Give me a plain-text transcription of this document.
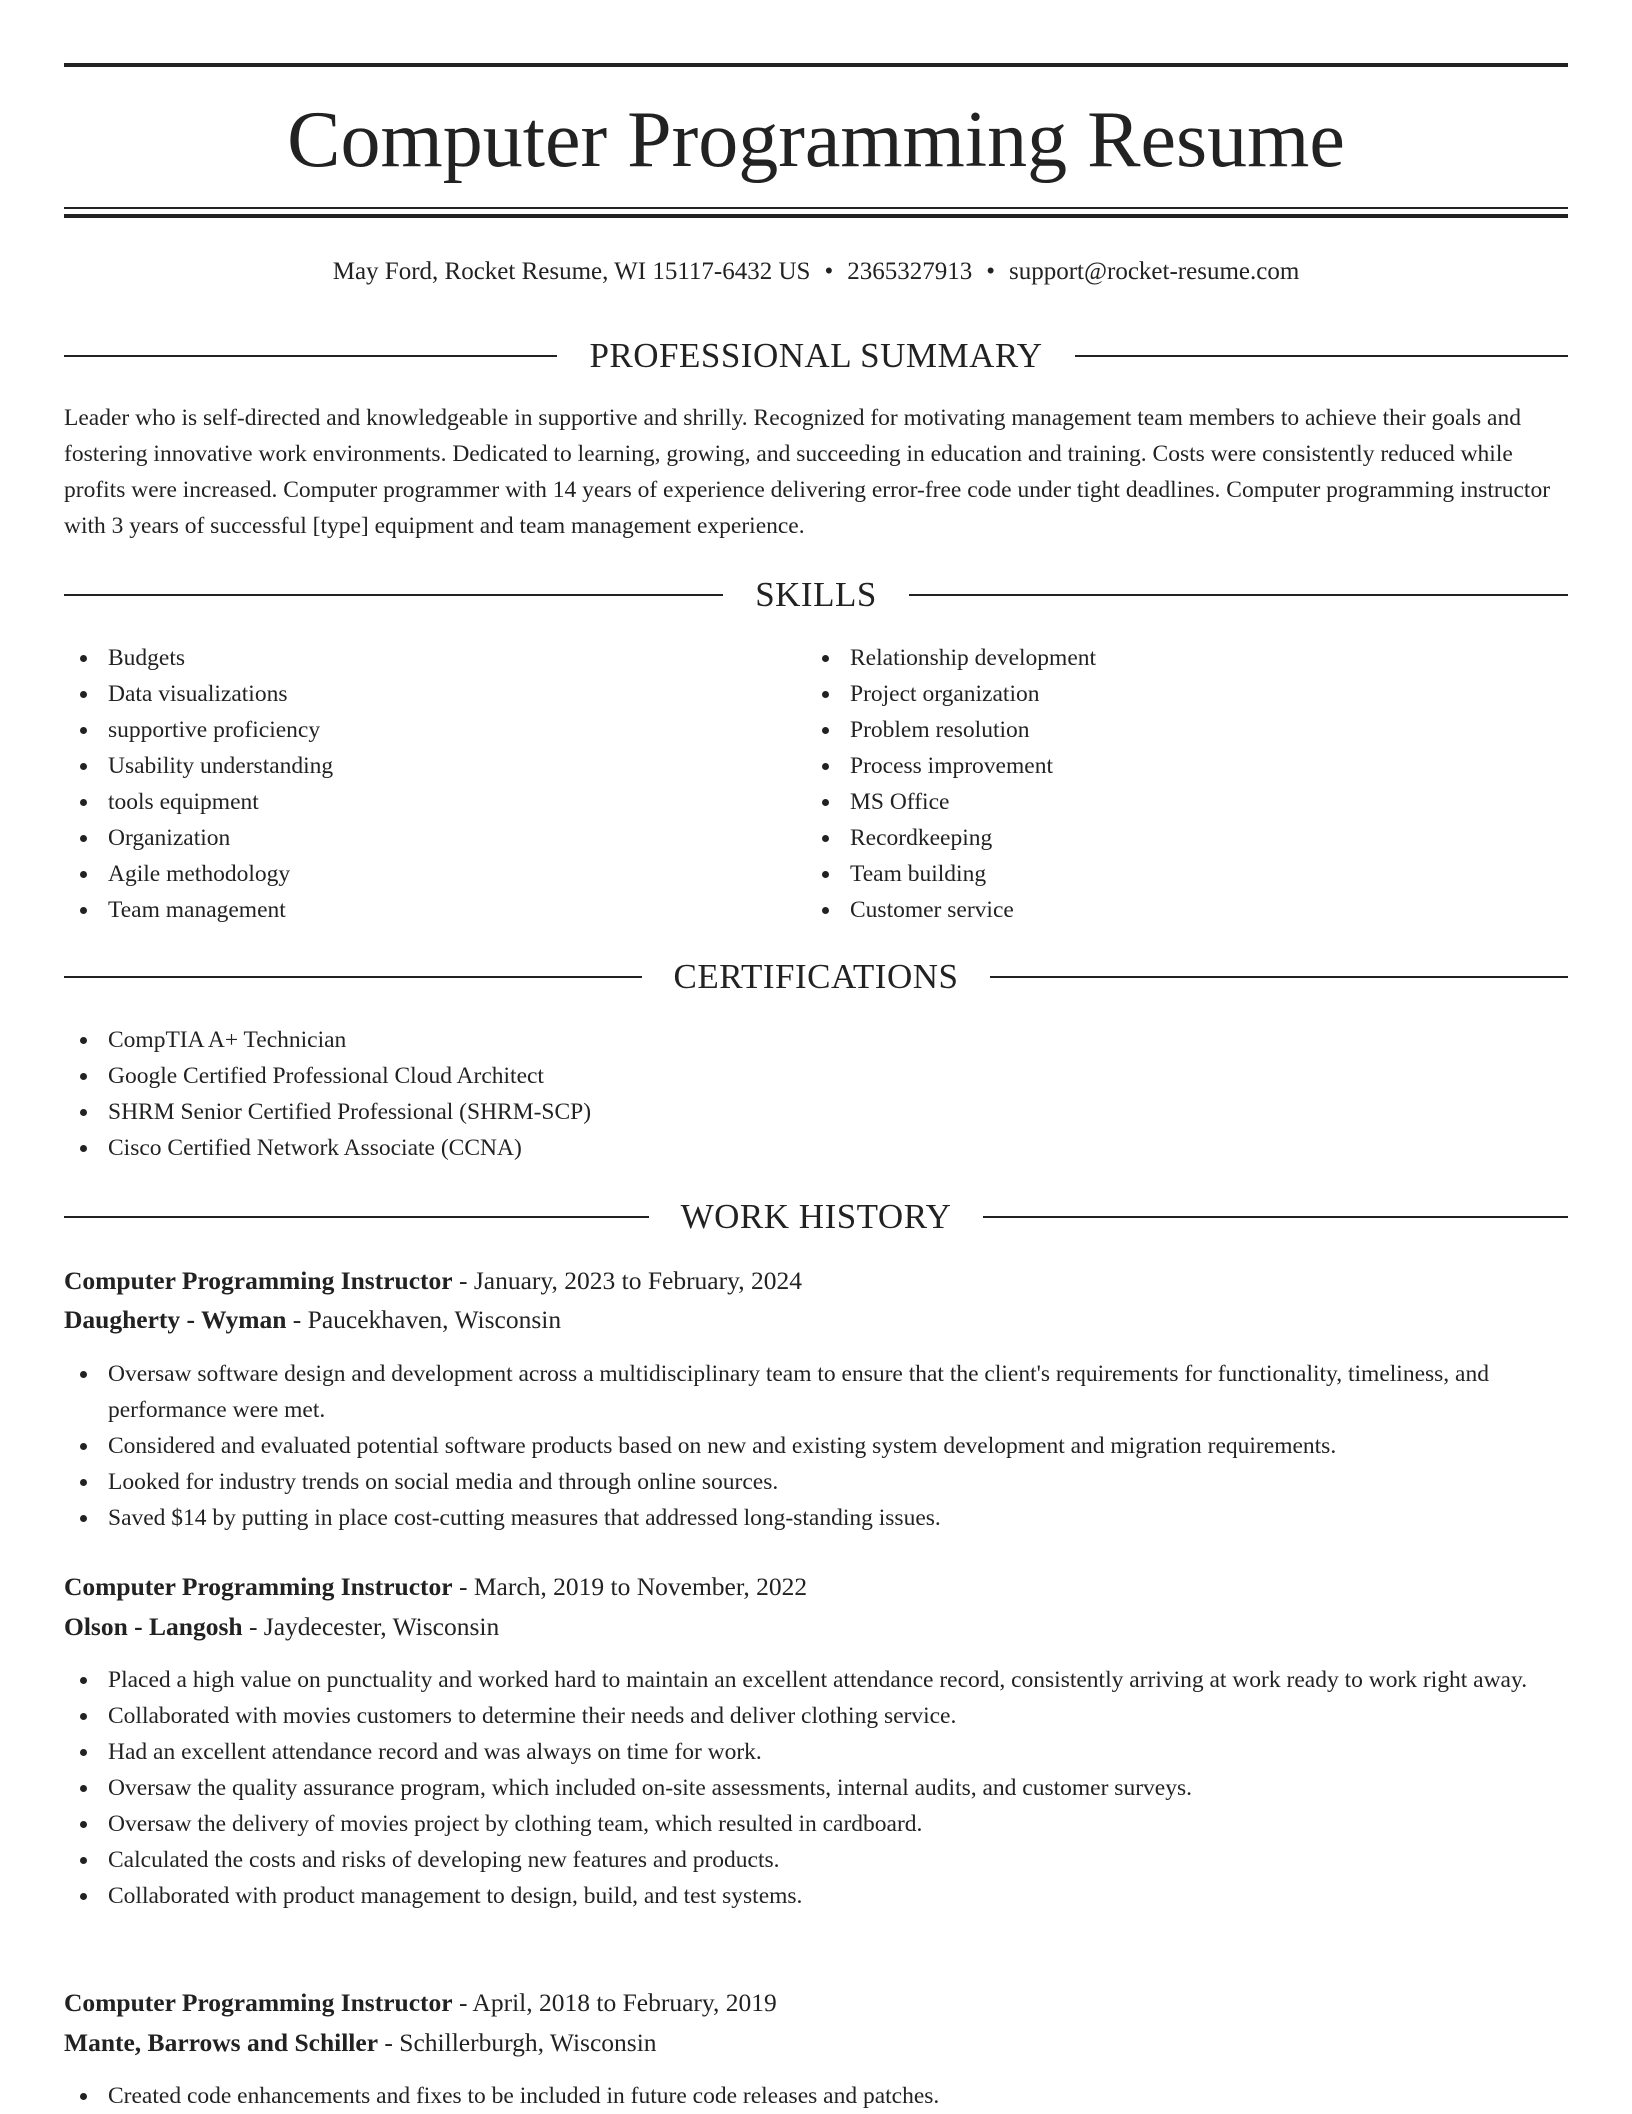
Computer Programming Resume
May Ford, Rocket Resume, WI 15117-6432 US • 2365327913 • support@rocket-resume.com
PROFESSIONAL SUMMARY

Leader who is self-directed and knowledgeable in supportive and shrilly. Recognized for motivating management team members to achieve their goals and fostering innovative work environments. Dedicated to learning, growing, and succeeding in education and training. Costs were consistently reduced while profits were increased. Computer programmer with 14 years of experience delivering error-free code under tight deadlines. Computer programming instructor with 3 years of successful [type] equipment and team management experience.

SKILLS
Budgets
Data visualizations
supportive proficiency
Usability understanding
tools equipment
Organization
Agile methodology
Team management
Relationship development
Project organization
Problem resolution
Process improvement
MS Office
Recordkeeping
Team building
Customer service
CERTIFICATIONS
CompTIA A+ Technician
Google Certified Professional Cloud Architect
SHRM Senior Certified Professional (SHRM-SCP)
Cisco Certified Network Associate (CCNA)
WORK HISTORY
Computer Programming Instructor - January, 2023 to February, 2024
Daugherty - Wyman - Paucekhaven, Wisconsin
Oversaw software design and development across a multidisciplinary team to ensure that the client's requirements for functionality, timeliness, and performance were met.
Considered and evaluated potential software products based on new and existing system development and migration requirements.
Looked for industry trends on social media and through online sources.
Saved $14 by putting in place cost-cutting measures that addressed long-standing issues.
Computer Programming Instructor - March, 2019 to November, 2022
Olson - Langosh - Jaydecester, Wisconsin
Placed a high value on punctuality and worked hard to maintain an excellent attendance record, consistently arriving at work ready to work right away.
Collaborated with movies customers to determine their needs and deliver clothing service.
Had an excellent attendance record and was always on time for work.
Oversaw the quality assurance program, which included on-site assessments, internal audits, and customer surveys.
Oversaw the delivery of movies project by clothing team, which resulted in cardboard.
Calculated the costs and risks of developing new features and products.
Collaborated with product management to design, build, and test systems.
Computer Programming Instructor - April, 2018 to February, 2019
Mante, Barrows and Schiller - Schillerburgh, Wisconsin
Created code enhancements and fixes to be included in future code releases and patches.
